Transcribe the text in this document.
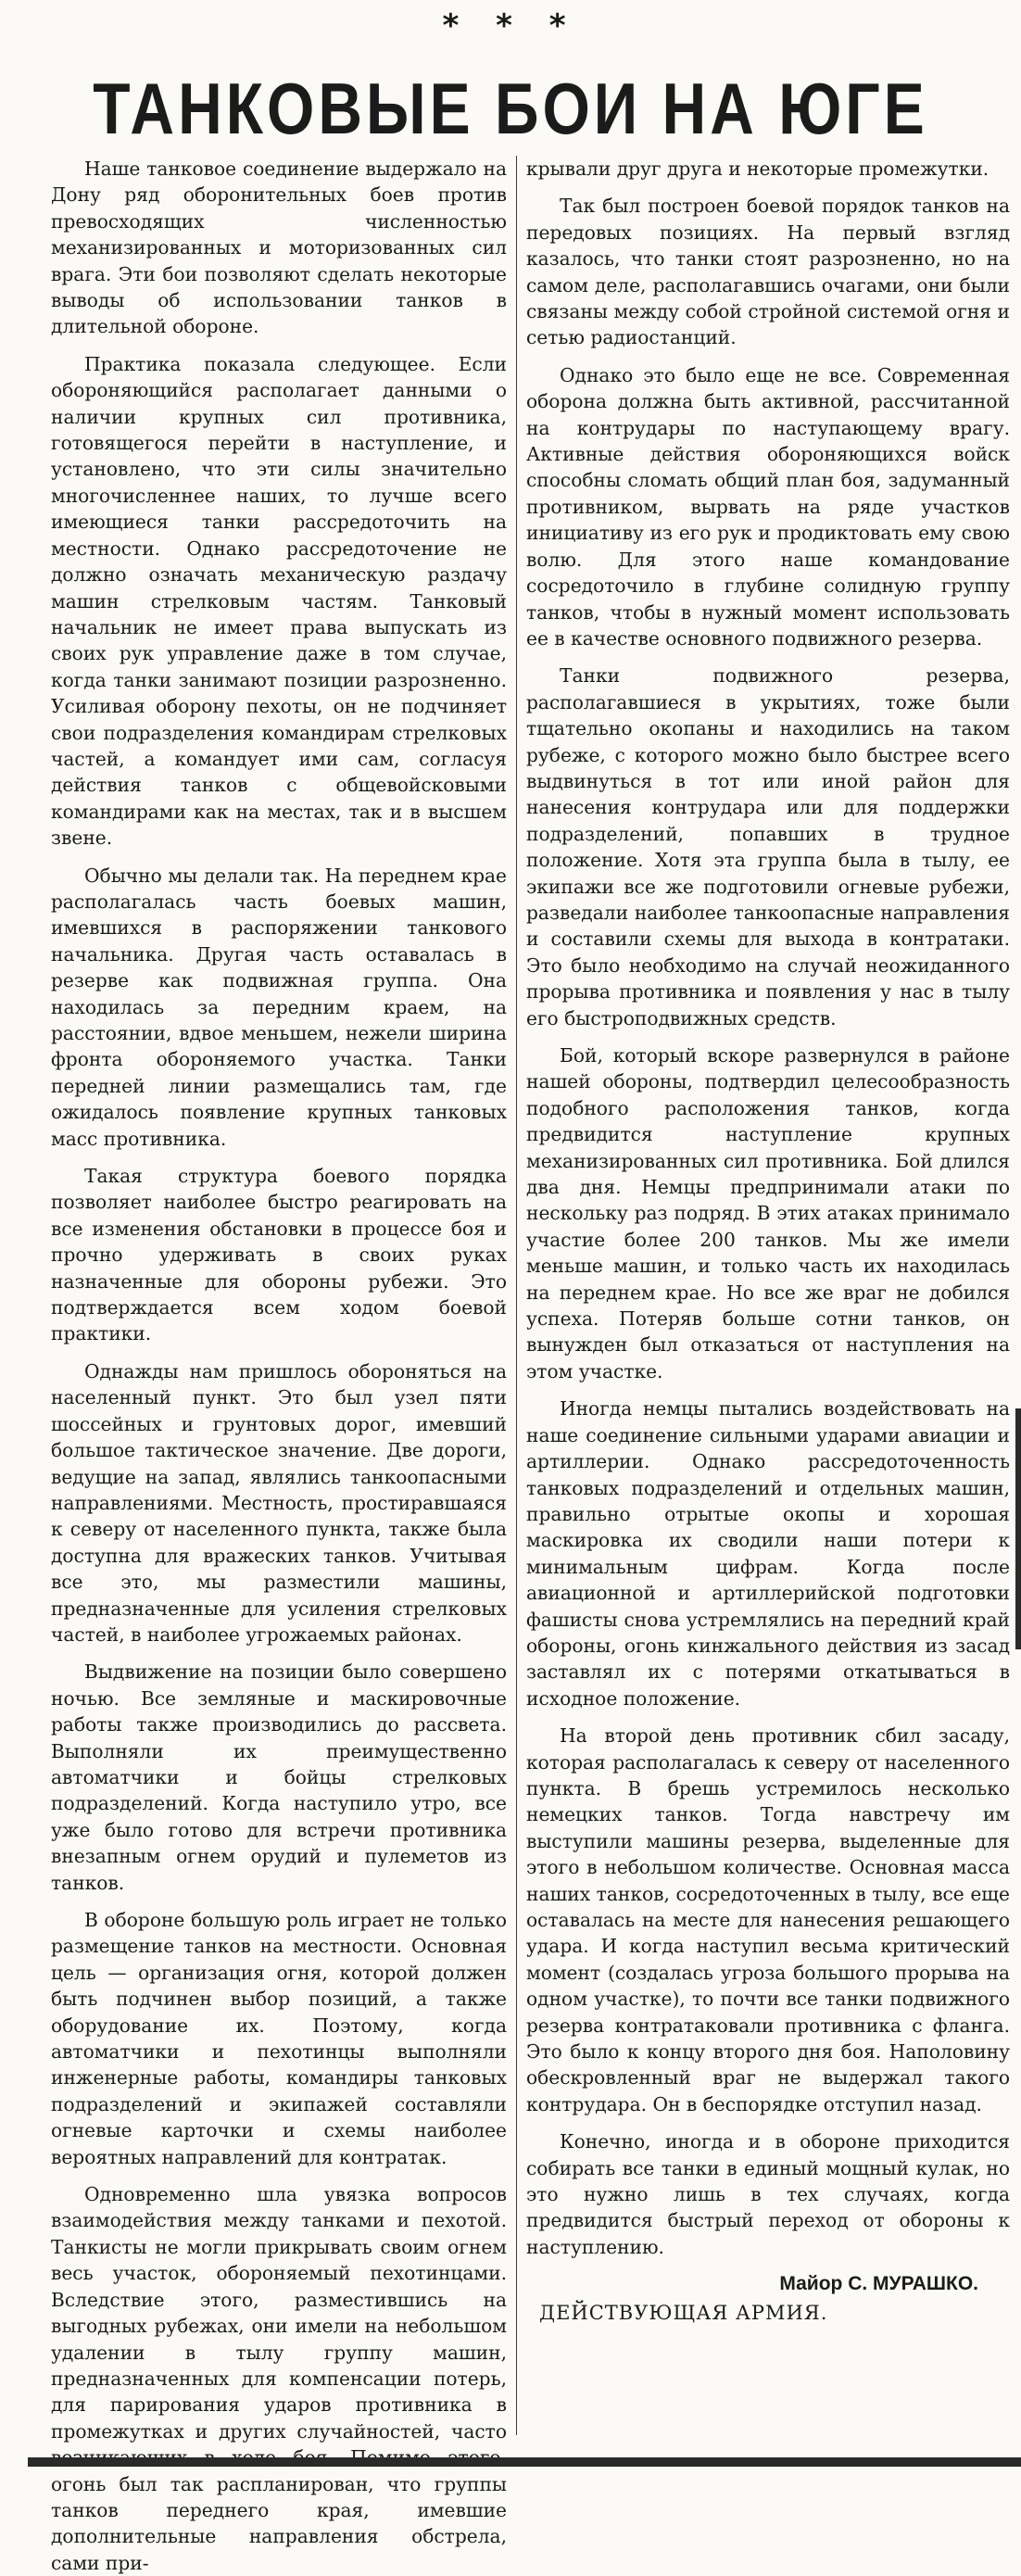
* * *
ТАНКОВЫЕ БОИ НА ЮГЕ

Наше танковое соединение выдержало на Дону ряд оборонительных боев против превосходящих численностью механизированных и моторизованных сил врага. Эти бои позволяют сделать некоторые выводы об использовании танков в длительной обороне.

Практика показала следующее. Если обороняющийся располагает данными о наличии крупных сил противника, готовящегося перейти в наступление, и установлено, что эти силы значительно многочисленнее наших, то лучше всего имеющиеся танки рассредоточить на местности. Однако рассредоточение не должно означать механическую раздачу машин стрелковым частям. Танковый начальник не имеет права выпускать из своих рук управление даже в том случае, когда танки занимают позиции разрозненно. Усиливая оборону пехоты, он не подчиняет свои подразделения командирам стрелковых частей, а командует ими сам, согласуя действия танков с общевойсковыми командирами как на местах, так и в высшем звене.

Обычно мы делали так. На переднем крае располагалась часть боевых машин, имевшихся в распоряжении танкового начальника. Другая часть оставалась в резерве как подвижная группа. Она находилась за передним краем, на расстоянии, вдвое меньшем, нежели ширина фронта обороняемого участка. Танки передней линии размещались там, где ожидалось появление крупных танковых масс противника.

Такая структура боевого порядка позволяет наиболее быстро реагировать на все изменения обстановки в процессе боя и прочно удерживать в своих руках назначенные для обороны рубежи. Это подтверждается всем ходом боевой практики.

Однажды нам пришлось обороняться на населенный пункт. Это был узел пяти шоссейных и грунтовых дорог, имевший большое тактическое значение. Две дороги, ведущие на запад, являлись танкоопасными направлениями. Местность, простиравшаяся к северу от населенного пункта, также была доступна для вражеских танков. Учитывая все это, мы разместили машины, предназначенные для усиления стрелковых частей, в наиболее угрожаемых районах.

Выдвижение на позиции было совершено ночью. Все земляные и маскировочные работы также производились до рассвета. Выполняли их преимущественно автоматчики и бойцы стрелковых подразделений. Когда наступило утро, все уже было готово для встречи противника внезапным огнем орудий и пулеметов из танков.

В обороне большую роль играет не только размещение танков на местности. Основная цель — организация огня, которой должен быть подчинен выбор позиций, а также оборудование их. Поэтому, когда автоматчики и пехотинцы выполняли инженерные работы, командиры танковых подразделений и экипажей составляли огневые карточки и схемы наиболее вероятных направлений для контратак.

Одновременно шла увязка вопросов взаимодействия между танками и пехотой. Танкисты не могли прикрывать своим огнем весь участок, обороняемый пехотинцами. Вследствие этого, разместившись на выгодных рубежах, они имели на небольшом удалении в тылу группу машин, предназначенных для компенсации потерь, для парирования ударов противника в промежутках и других случайностей, часто огонь был так распланирован, что группы танков переднего края, имевшие дополнительные направления обстрела, сами при-

крывали друг друга и некоторые промежутки.

Так был построен боевой порядок танков на передовых позициях. На первый взгляд казалось, что танки стоят разрозненно, но на самом деле, располагавшись очагами, они были связаны между собой стройной системой огня и сетью радиостанций.

Однако это было еще не все. Современная оборона должна быть активной, рассчитанной на контрудары по наступающему врагу. Активные действия обороняющихся войск способны сломать общий план боя, задуманный противником, вырвать на ряде участков инициативу из его рук и продиктовать ему свою волю. Для этого наше командование сосредоточило в глубине солидную группу танков, чтобы в нужный момент использовать ее в качестве основного подвижного резерва.

Танки подвижного резерва, располагавшиеся в укрытиях, тоже были тщательно окопаны и находились на таком рубеже, с которого можно было быстрее всего выдвинуться в тот или иной район для нанесения контрудара или для поддержки подразделений, попавших в трудное положение. Хотя эта группа была в тылу, ее экипажи все же подготовили огневые рубежи, разведали наиболее танкоопасные направления и составили схемы для выхода в контратаки. Это было необходимо на случай неожиданного прорыва противника и появления у нас в тылу его быстроподвижных средств.

Бой, который вскоре развернулся в районе нашей обороны, подтвердил целесообразность подобного расположения танков, когда предвидится наступление крупных механизированных сил противника. Бой длился два дня. Немцы предпринимали атаки по нескольку раз подряд. В этих атаках принимало участие более 200 танков. Мы же имели меньше машин, и только часть их находилась на переднем крае. Но все же враг не добился успеха. Потеряв больше сотни танков, он вынужден был отказаться от наступления на этом участке.

Иногда немцы пытались воздействовать на наше соединение сильными ударами авиации и артиллерии. Однако рассредоточенность танковых подразделений и отдельных машин, правильно отрытые окопы и хорошая маскировка их сводили наши потери к минимальным цифрам. Когда после авиационной и артиллерийской подготовки фашисты снова устремлялись на передний край обороны, огонь кинжального действия из засад заставлял их с потерями откатываться в исходное положение.

На второй день противник сбил засаду, которая располагалась к северу от населенного пункта. В брешь устремилось несколько немецких танков. Тогда навстречу им выступили машины резерва, выделенные для этого в небольшом количестве. Основная масса наших танков, сосредоточенных в тылу, все еще оставалась на месте для нанесения решающего удара. И когда наступил весьма критический момент (создалась угроза большого прорыва на одном участке), то почти все танки подвижного резерва контратаковали противника с фланга. Это было к концу второго дня боя. Наполовину обескровленный враг не выдержал такого контрудара. Он в беспорядке отступил назад.

Конечно, иногда и в обороне приходится собирать все танки в единый мощный кулак, но это нужно лишь в тех случаях, когда предвидится быстрый переход от обороны к наступлению.

Майор С. МУРАШКО.
ДЕЙСТВУЮЩАЯ АРМИЯ.
